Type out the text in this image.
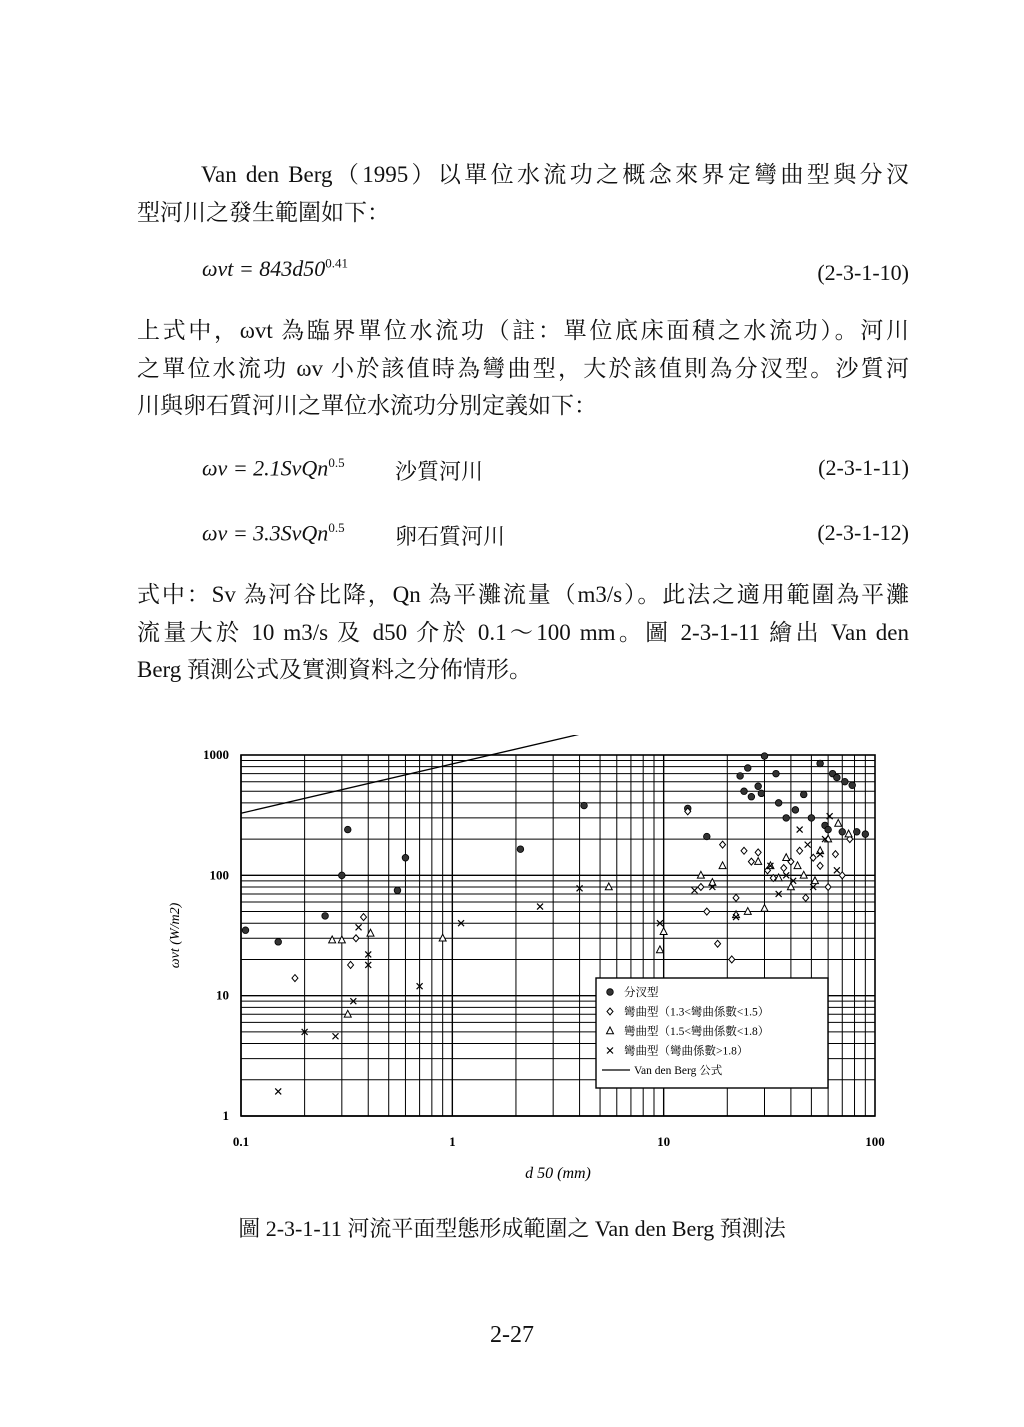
Van den Berg（1995）以單位水流功之概念來界定彎曲型與分汊
型河川之發生範圍如下：
$\omega vt = 843d50^{0.41}$	(2-3-1-10)
上式中，ωvt 為臨界單位水流功（註：單位底床面積之水流功）。河川
之單位水流功 ωv 小於該值時為彎曲型，大於該值則為分汊型。沙質河
川與卵石質河川之單位水流功分別定義如下：
ωv = 2.1SvQn$^{0.5}$ 沙質河川	(2-3-1-11)
ωv = 3.3SvQn$^{0.5}$ 卵石質河川	(2-3-1-12)
式中：Sv 為河谷比降，Qn 為平灘流量（m3/s）。此法之適用範圍為平灘
流量大於 10 m3/s 及 d50 介於 0.1～100 mm。圖 2-3-1-11 繪出 Van den
Berg 預測公式及實測資料之分佈情形。
0.1	1	10	100
1
10
100
1000
分汊型
彎曲型（1.3<彎曲係數<1.5）
彎曲型（1.5<彎曲係數<1.8）
彎曲型（彎曲係數>1.8）
Van den Berg 公式
d 50 (mm)
ωvt (W/m2)
圖 2-3-1-11 河流平面型態形成範圍之 Van den Berg 預測法
2-27
